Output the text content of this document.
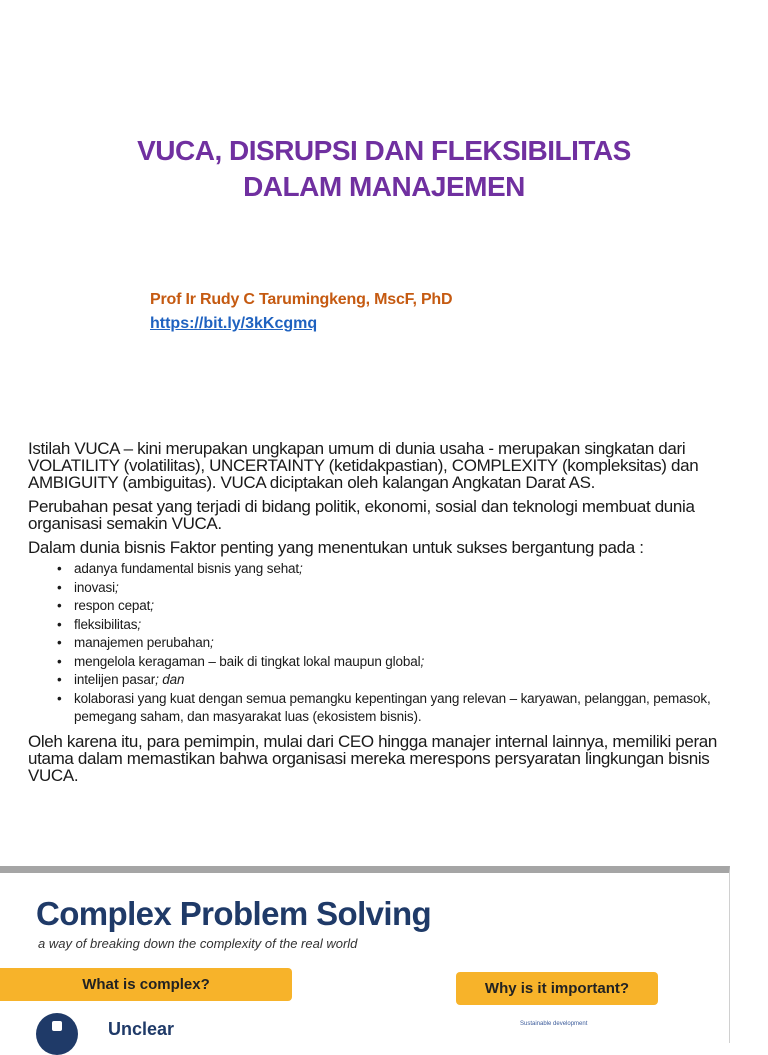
VUCA, DISRUPSI DAN FLEKSIBILITAS
DALAM MANAJEMEN
Prof Ir Rudy C Tarumingkeng, MscF, PhD
https://bit.ly/3kKcgmq

Istilah VUCA – kini merupakan ungkapan umum di dunia usaha - merupakan singkatan dari VOLATILITY (volatilitas), UNCERTAINTY (ketidakpastian), COMPLEXITY (kompleksitas) dan AMBIGUITY (ambiguitas). VUCA diciptakan oleh kalangan Angkatan Darat AS.

Perubahan pesat yang terjadi di bidang politik, ekonomi, sosial dan teknologi membuat dunia organisasi semakin VUCA.

Dalam dunia bisnis Faktor penting yang menentukan untuk sukses bergantung pada :

• adanya fundamental bisnis yang sehat;
• inovasi;
• respon cepat;
• fleksibilitas;
• manajemen perubahan;
• mengelola keragaman – baik di tingkat lokal maupun global;
• intelijen pasar; dan
• kolaborasi yang kuat dengan semua pemangku kepentingan yang relevan – karyawan, pelanggan, pemasok, pemegang saham, dan masyarakat luas (ekosistem bisnis).

Oleh karena itu, para pemimpin, mulai dari CEO hingga manajer internal lainnya, memiliki peran utama dalam memastikan bahwa organisasi mereka merespons persyaratan lingkungan bisnis VUCA.

Complex Problem Solving
a way of breaking down the complexity of the real world
What is complex?	Why is it important?
Unclear	Sustainable development
